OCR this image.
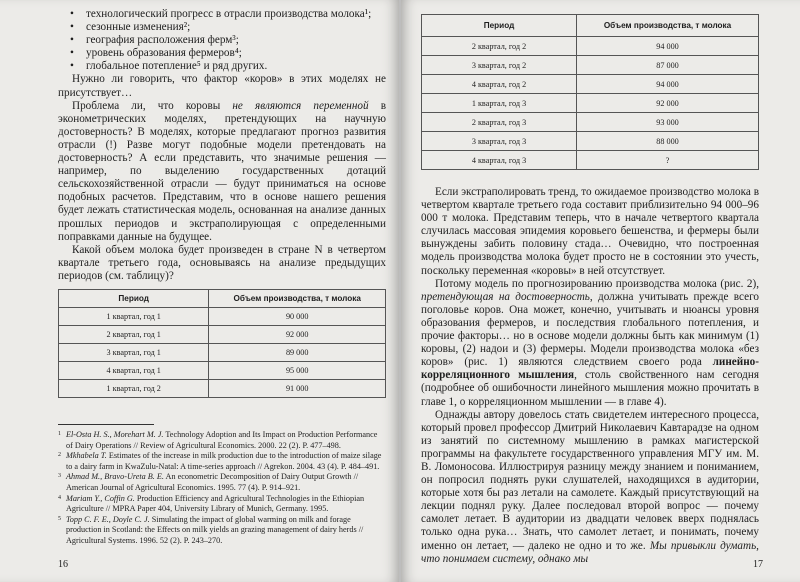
• технологический прогресс в отрасли производства молока¹;
• сезонные изменения²;
• география расположения ферм³;
• уровень образования фермеров⁴;
• глобальное потепление⁵ и ряд других.

Нужно ли говорить, что фактор «коров» в этих моделях не присутствует…

Проблема ли, что коровы не являются переменной в эконометрических моделях, претендующих на научную достоверность? В моделях, которые предлагают прогноз развития отрасли (!) Разве могут подобные модели претендовать на достоверность? А если представить, что значимые решения — например, по выделению государственных дотаций сельскохозяйственной отрасли — будут приниматься на основе подобных расчетов. Представим, что в основе нашего решения будет лежать статистическая модель, основанная на анализе данных прошлых периодов и экстраполирующая с определенными поправками данные на будущее.

Какой объем молока будет произведен в стране N в четвертом квартале третьего года, основываясь на анализе предыдущих периодов (см. таблицу)?

Период	Объем производства, т молока
1 квартал, год 1	90 000
2 квартал, год 1	92 000
3 квартал, год 1	89 000
4 квартал, год 1	95 000
1 квартал, год 2	91 000
1 El-Osta H. S., Morehart M. J. Technology Adoption and Its Impact on Production Performance of Dairy Operations // Review of Agricultural Economics. 2000. 22 (2). P. 477–498.
2 Mkhabela T. Estimates of the increase in milk production due to the introduction of maize silage to a dairy farm in KwaZulu-Natal: A time-series approach // Agrekon. 2004. 43 (4). P. 484–491.
3 Ahmad M., Bravo-Ureta B. E. An econometric Decomposition of Dairy Output Growth // American Journal of Agricultural Economics. 1995. 77 (4). P. 914–921.
4 Mariam Y., Coffin G. Production Efficiency and Agricultural Technologies in the Ethiopian Agriculture // MPRA Paper 404, University Library of Munich, Germany. 1995.
5 Topp C. F. E., Doyle C. J. Simulating the impact of global warming on milk and forage production in Scotland: the Effects on milk yields an grazing management of dairy herds // Agricultural Systems. 1996. 52 (2). P. 243–270.
16
Период	Объем производства, т молока
2 квартал, год 2	94 000
3 квартал, год 2	87 000
4 квартал, год 2	94 000
1 квартал, год 3	92 000
2 квартал, год 3	93 000
3 квартал, год 3	88 000
4 квартал, год 3	?

Если экстраполировать тренд, то ожидаемое производство молока в четвертом квартале третьего года составит приблизительно 94 000–96 000 т молока. Представим теперь, что в начале четвертого квартала случилась массовая эпидемия коровьего бешенства, и фермеры были вынуждены забить половину стада… Очевидно, что построенная модель производства молока будет просто не в состоянии это учесть, поскольку переменная «коровы» в ней отсутствует.

Потому модель по прогнозированию производства молока (рис. 2), претендующая на достоверность, должна учитывать прежде всего поголовье коров. Она может, конечно, учитывать и нюансы уровня образования фермеров, и последствия глобального потепления, и прочие факторы… но в основе модели должны быть как минимум (1) коровы, (2) надои и (3) фермеры. Модели производства молока «без коров» (рис. 1) являются следствием своего рода линейно-корреляционного мышления, столь свойственного нам сегодня (подробнее об ошибочности линейного мышления можно прочитать в главе 1, о корреляционном мышлении — в главе 4).

Однажды автору довелось стать свидетелем интересного процесса, который провел профессор Дмитрий Николаевич Кавтарадзе на одном из занятий по системному мышлению в рамках магистерской программы на факультете государственного управления МГУ им. М. В. Ломоносова. Иллюстрируя разницу между знанием и пониманием, он попросил поднять руки слушателей, находящихся в аудитории, которые хотя бы раз летали на самолете. Каждый присутствующий на лекции поднял руку. Далее последовал второй вопрос — почему самолет летает. В аудитории из двадцати человек вверх поднялась только одна рука… Знать, что самолет летает, и понимать, почему именно он летает, — далеко не одно и то же. Мы привыкли думать, что понимаем систему, однако мы	17
